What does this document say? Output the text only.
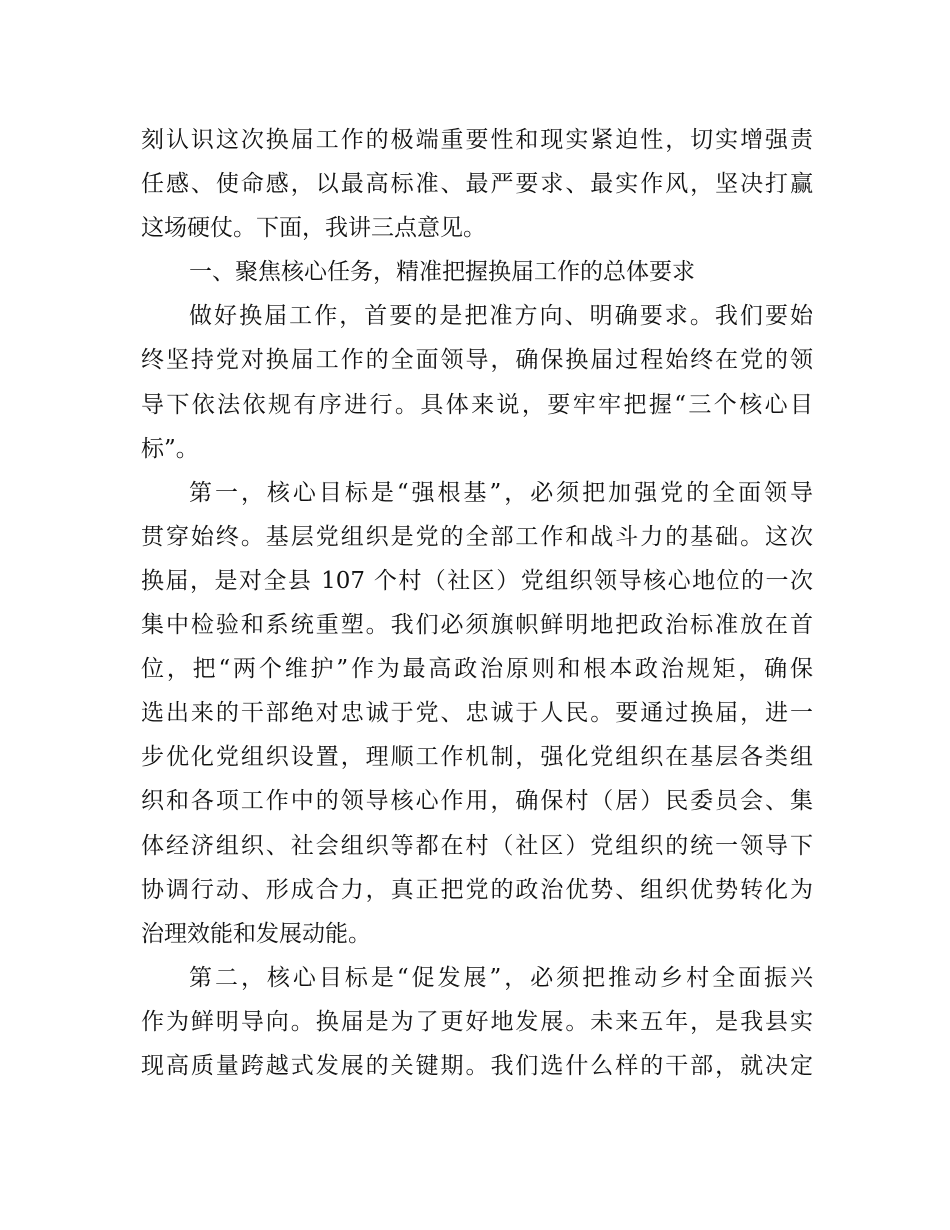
刻认识这次换届工作的极端重要性和现实紧迫性，切实增强责
任感、使命感，以最高标准、最严要求、最实作风，坚决打赢
这场硬仗。下面，我讲三点意见。
一、聚焦核心任务，精准把握换届工作的总体要求
做好换届工作，首要的是把准方向、明确要求。我们要始
终坚持党对换届工作的全面领导，确保换届过程始终在党的领
导下依法依规有序进行。具体来说，要牢牢把握“三个核心目
标”。
第一，核心目标是“强根基”，必须把加强党的全面领导
贯穿始终。基层党组织是党的全部工作和战斗力的基础。这次
换届，是对全县 107 个村（社区）党组织领导核心地位的一次
集中检验和系统重塑。我们必须旗帜鲜明地把政治标准放在首
位，把“两个维护”作为最高政治原则和根本政治规矩，确保
选出来的干部绝对忠诚于党、忠诚于人民。要通过换届，进一
步优化党组织设置，理顺工作机制，强化党组织在基层各类组
织和各项工作中的领导核心作用，确保村（居）民委员会、集
体经济组织、社会组织等都在村（社区）党组织的统一领导下
协调行动、形成合力，真正把党的政治优势、组织优势转化为
治理效能和发展动能。
第二，核心目标是“促发展”，必须把推动乡村全面振兴
作为鲜明导向。换届是为了更好地发展。未来五年，是我县实
现高质量跨越式发展的关键期。我们选什么样的干部，就决定
